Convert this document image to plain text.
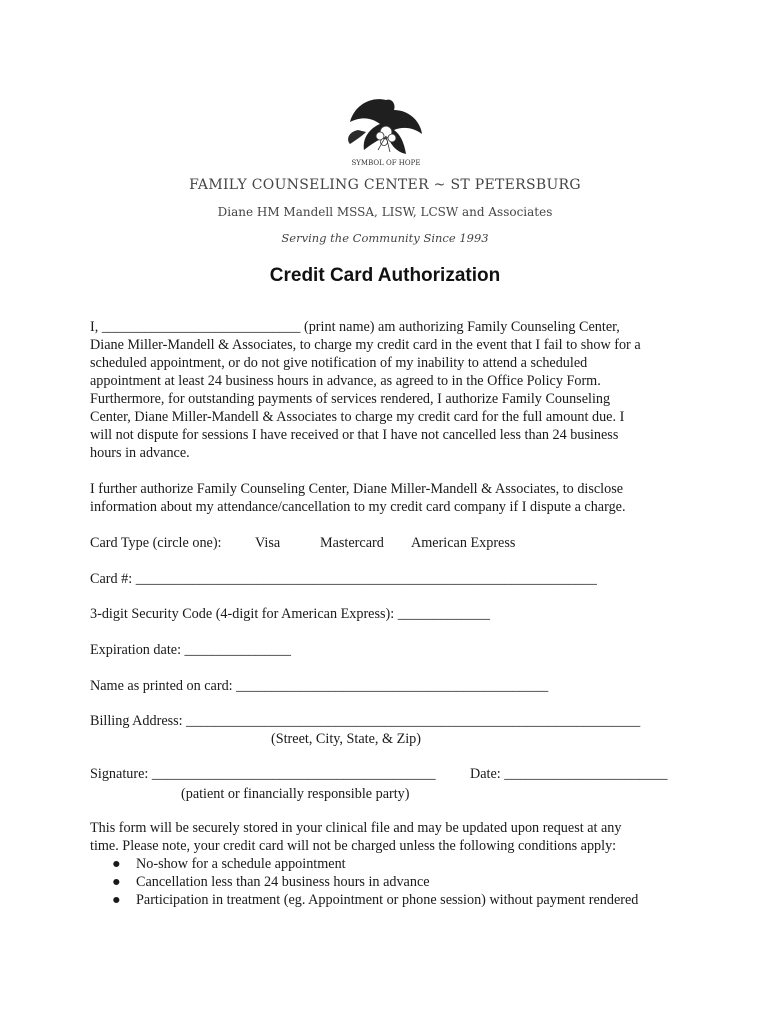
SYMBOL OF HOPE
FAMILY COUNSELING CENTER ~ ST PETERSBURG
Diane HM Mandell MSSA, LISW, LCSW and Associates
Serving the Community Since 1993
Credit Card Authorization
I, ____________________________ (print name) am authorizing Family Counseling Center,
Diane Miller-Mandell & Associates, to charge my credit card in the event that I fail to show for a
scheduled appointment, or do not give notification of my inability to attend a scheduled
appointment at least 24 business hours in advance, as agreed to in the Office Policy Form.
Furthermore, for outstanding payments of services rendered, I authorize Family Counseling
Center, Diane Miller-Mandell & Associates to charge my credit card for the full amount due. I
will not dispute for sessions I have received or that I have not cancelled less than 24 business
hours in advance.
I further authorize Family Counseling Center, Diane Miller-Mandell & Associates, to disclose
information about my attendance/cancellation to my credit card company if I dispute a charge.
Card Type (circle one): Visa	Mastercard American Express
Card #: _________________________________________________________________
3-digit Security Code (4-digit for American Express): _____________
Expiration date: _______________
Name as printed on card: ____________________________________________
Billing Address: ________________________________________________________________
(Street, City, State, & Zip)
Signature: ________________________________________ Date: _______________________
(patient or financially responsible party)
This form will be securely stored in your clinical file and may be updated upon request at any
time. Please note, your credit card will not be charged unless the following conditions apply:
● No-show for a schedule appointment
● Cancellation less than 24 business hours in advance
● Participation in treatment (eg. Appointment or phone session) without payment rendered
